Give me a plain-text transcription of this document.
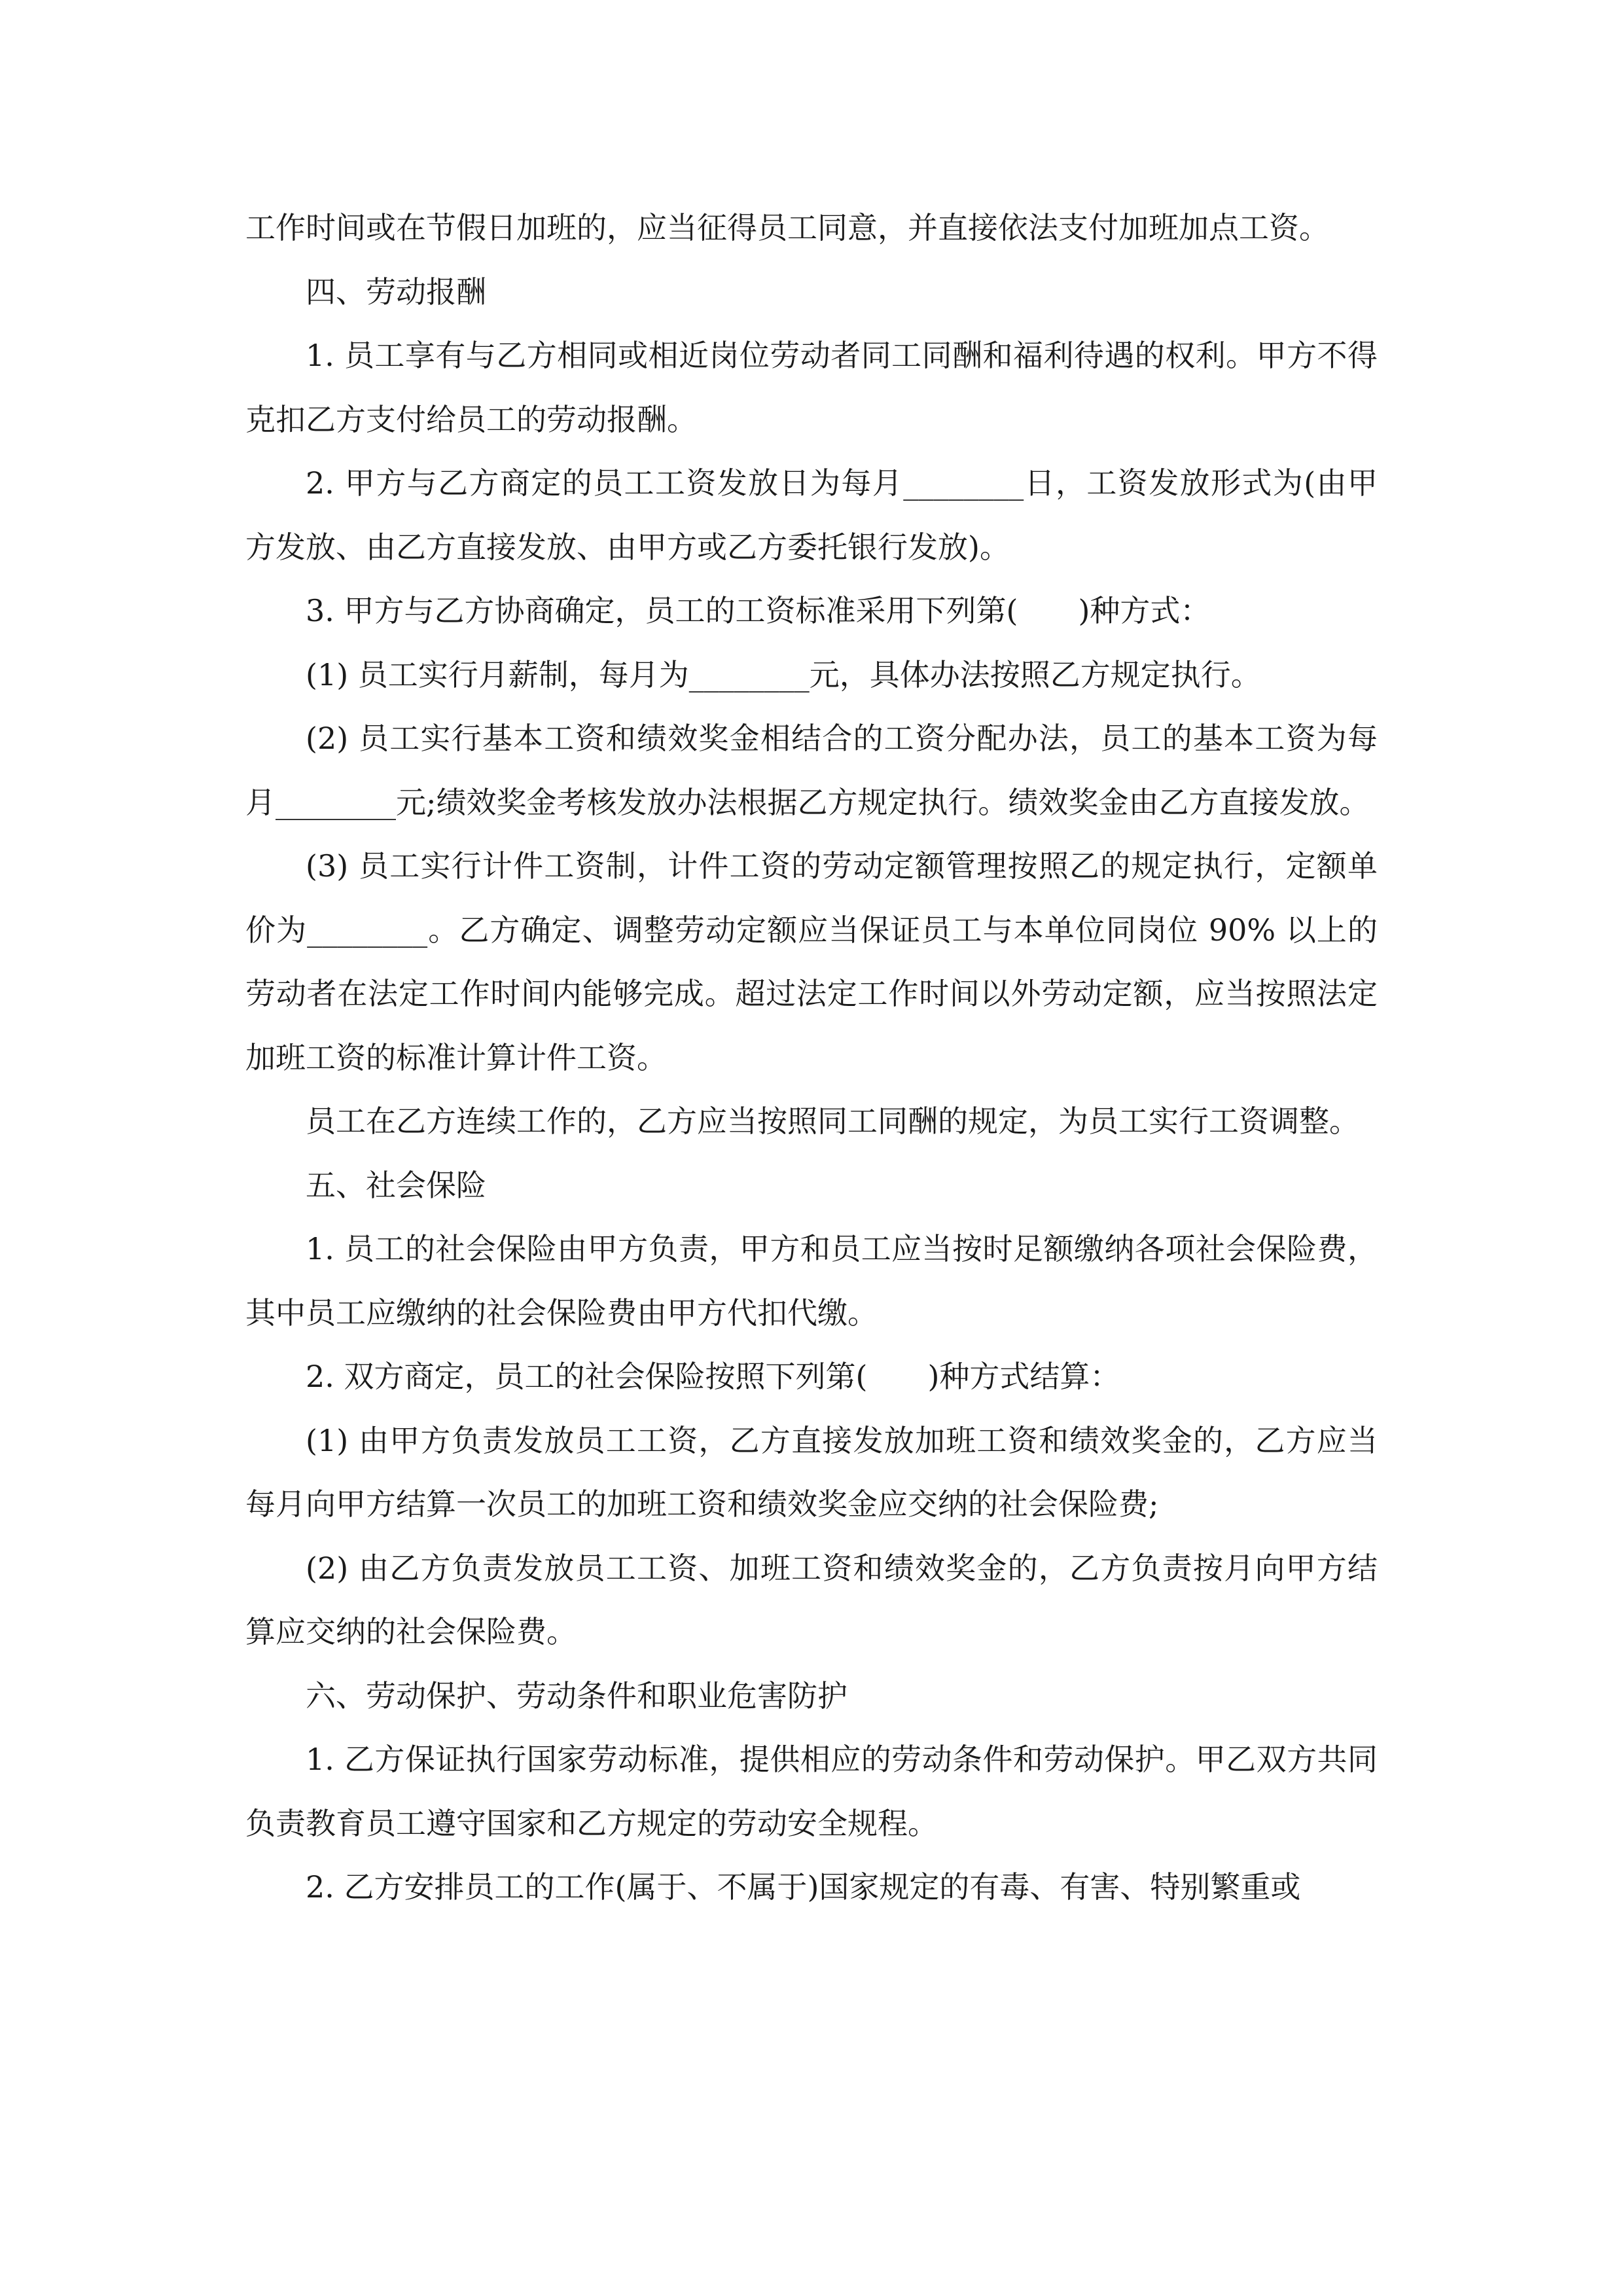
工作时间或在节假日加班的，应当征得员工同意，并直接依法支付加班加点工资。

四、劳动报酬

1. 员工享有与乙方相同或相近岗位劳动者同工同酬和福利待遇的权利。甲方不得克扣乙方支付给员工的劳动报酬。

2. 甲方与乙方商定的员工工资发放日为每月________日，工资发放形式为(由甲方发放、由乙方直接发放、由甲方或乙方委托银行发放)。

3. 甲方与乙方协商确定，员工的工资标准采用下列第(　　)种方式：

(1) 员工实行月薪制，每月为________元，具体办法按照乙方规定执行。

(2) 员工实行基本工资和绩效奖金相结合的工资分配办法，员工的基本工资为每月________元;绩效奖金考核发放办法根据乙方规定执行。绩效奖金由乙方直接发放。

(3) 员工实行计件工资制，计件工资的劳动定额管理按照乙的规定执行，定额单价为________。乙方确定、调整劳动定额应当保证员工与本单位同岗位 90% 以上的劳动者在法定工作时间内能够完成。超过法定工作时间以外劳动定额，应当按照法定加班工资的标准计算计件工资。

员工在乙方连续工作的，乙方应当按照同工同酬的规定，为员工实行工资调整。

五、社会保险

1. 员工的社会保险由甲方负责，甲方和员工应当按时足额缴纳各项社会保险费，其中员工应缴纳的社会保险费由甲方代扣代缴。

2. 双方商定，员工的社会保险按照下列第(　　)种方式结算：

(1) 由甲方负责发放员工工资，乙方直接发放加班工资和绩效奖金的，乙方应当每月向甲方结算一次员工的加班工资和绩效奖金应交纳的社会保险费;

(2) 由乙方负责发放员工工资、加班工资和绩效奖金的，乙方负责按月向甲方结算应交纳的社会保险费。

六、劳动保护、劳动条件和职业危害防护

1. 乙方保证执行国家劳动标准，提供相应的劳动条件和劳动保护。甲乙双方共同负责教育员工遵守国家和乙方规定的劳动安全规程。

2. 乙方安排员工的工作(属于、不属于)国家规定的有毒、有害、特别繁重或
